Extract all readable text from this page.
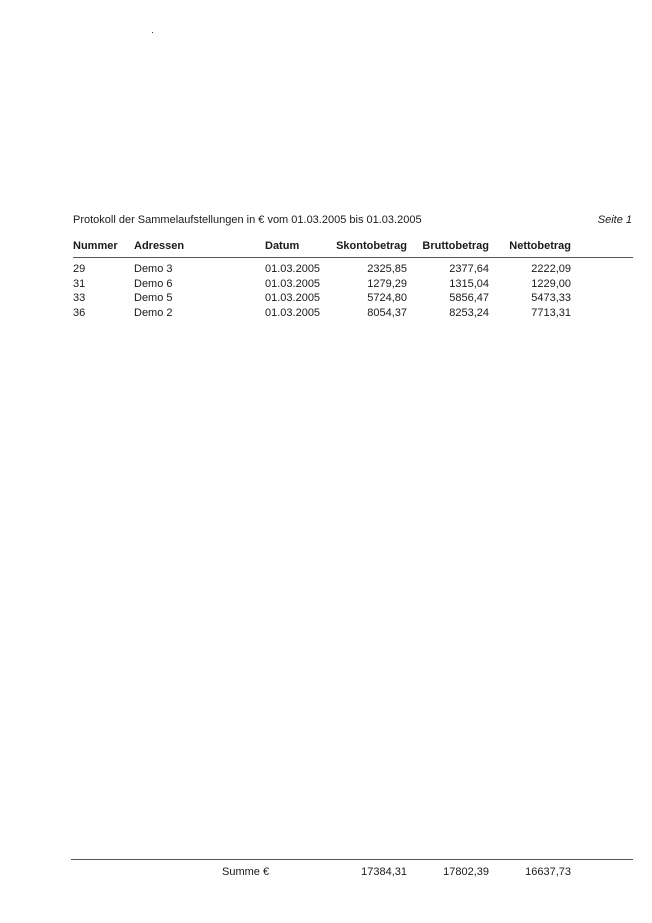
Protokoll der Sammelaufstellungen in € vom 01.03.2005 bis 01.03.2005	Seite 1
Nummer Adressen	Datum	Skontobetrag Bruttobetrag Nettobetrag
29	Demo 3	01.03.2005	2325,85	2377,64	2222,09
31	Demo 6	01.03.2005	1279,29	1315,04	1229,00
33	Demo 5	01.03.2005	5724,80	5856,47	5473,33
36	Demo 2	01.03.2005	8054,37	8253,24	7713,31
Summe €	17384,31	17802,39	16637,73
